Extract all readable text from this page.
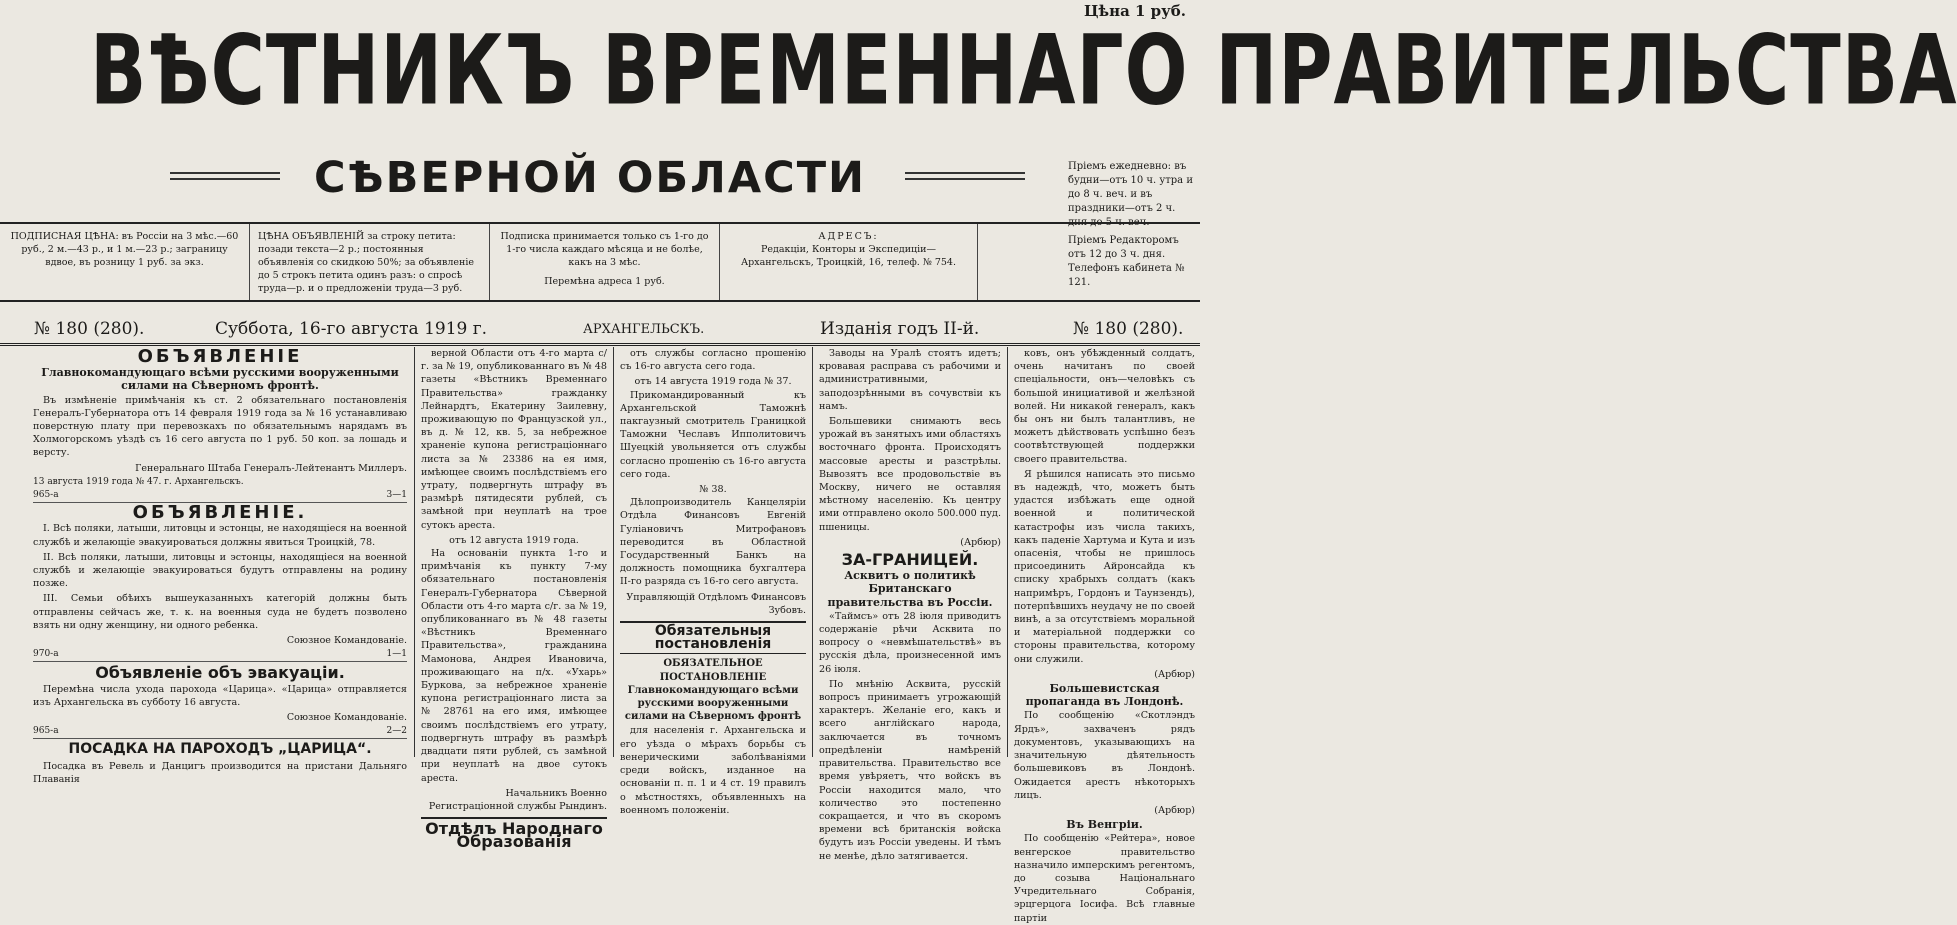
Цѣна 1 руб.
ВѢСТНИКЪ ВРЕМЕННАГО ПРАВИТЕЛЬСТВА
СѢВЕРНОЙ ОБЛАСТИ	Пріемъ ежедневно: въ будни—отъ 10 ч. утра и до 8 ч. веч. и въ праздники—отъ 2 ч. дня до 5 ч. веч.
Пріемъ Редакторомъ отъ 12 до 3 ч. дня. Телефонъ кабинета № 121.
ПОДПИСНАЯ ЦѢНА: въ Россіи на 3 мѣс.—60 руб., 2 м.—43 р., и 1 м.—23 р.; заграницу вдвое, въ розницу 1 руб. за экз.
ЦѢНА ОБЪЯВЛЕНІЙ за строку петита: позади текста—2 р.; постоянныя объявленія со скидкою 50%; за объявленіе до 5 строкъ петита одинъ разъ: о спросѣ труда—р. и о предложеніи труда—3 руб.
Подписка принимается только съ 1-го до 1-го числа каждаго мѣсяца и не болѣе, какъ на 3 мѣс.
Перемѣна адреса 1 руб.
АДРЕСЪ:
Редакціи, Конторы и Экспедиціи—Архангельскъ, Троицкій, 16, телеф. № 754.
№ 180 (280).	Суббота, 16-го августа 1919 г.	АРХАНГЕЛЬСКЪ.	Изданія годъ II-й.	№ 180 (280).
ОБЪЯВЛЕНІЕ
Главнокомандующаго всѣми русскими вооруженными силами на Сѣверномъ фронтѣ.

Въ измѣненіе примѣчанія къ ст. 2 обязательнаго постановленія Генералъ-Губернатора отъ 14 февраля 1919 года за № 16 устанавливаю поверстную плату при перевозкахъ по обязательнымъ нарядамъ въ Холмогорскомъ уѣздѣ съ 16 сего августа по 1 руб. 50 коп. за лошадь и версту.

Генеральнаго Штаба Генералъ-Лейтенантъ Миллеръ.
13 августа 1919 года № 47. г. Архангельскъ.
965-а	3—1
ОБЪЯВЛЕНІЕ.

I. Всѣ поляки, латыши, литовцы и эстонцы, не находящіеся на военной службѣ и желающіе эвакуироваться должны явиться Троицкій, 78.

II. Всѣ поляки, латыши, литовцы и эстонцы, находящіеся на военной службѣ и желающіе эвакуироваться будутъ отправлены на родину позже.

III. Семьи обѣихъ вышеуказанныхъ категорій должны быть отправлены сейчасъ же, т. к. на военныя суда не будетъ позволено взять ни одну женщину, ни одного ребенка.

Союзное Командованіе.
970-а	1—1
Объявленіе объ эвакуаціи.

Перемѣна числа ухода парохода «Царица». «Царица» отправляется изъ Архангельска въ субботу 16 августа.

Союзное Командованіе.
965-а	2—2
ПОСАДКА НА ПАРОХОДЪ „ЦАРИЦА“.

Посадка въ Ревель и Данцигъ производится на пристани Дальняго Плаванія

верной Области отъ 4-го марта с/г. за № 19, опубликованнаго въ № 48 газеты «Вѣстникъ Временнаго Правительства» гражданку Лейнардтъ, Екатерину Заилевну, проживающую по Французской ул., въ д. № 12, кв. 5, за небрежное храненіе купона регистраціоннаго листа за № 23386 на ея имя, имѣющее своимъ послѣдствіемъ его утрату, подвергнуть штрафу въ размѣрѣ пятидесяти рублей, съ замѣной при неуплатѣ на трое сутокъ ареста.

отъ 12 августа 1919 года.

На основаніи пункта 1-го и примѣчанія къ пункту 7-му обязательнаго постановленія Генералъ-Губернатора Сѣверной Области отъ 4-го марта с/г. за № 19, опубликованнаго въ № 48 газеты «Вѣстникъ Временнаго Правительства», гражданина Мамонова, Андрея Ивановича, проживающаго на п/х. «Ухарь» Буркова, за небрежное храненіе купона регистраціоннаго листа за № 28761 на его имя, имѣющее своимъ послѣдствіемъ его утрату, подвергнуть штрафу въ размѣрѣ двадцати пяти рублей, съ замѣной при неуплатѣ на двое сутокъ ареста.

Начальникъ Военно Регистраціонной службы Рындинъ.
Отдѣлъ Народнаго Образованія

отъ службы согласно прошенію съ 16-го августа сего года.

отъ 14 августа 1919 года № 37.

Прикомандированный къ Архангельской Таможнѣ пакгаузный смотритель Границкой Таможни Чеславъ Ипполитовичъ Шуецкій увольняется отъ службы согласно прошенію съ 16-го августа сего года.

№ 38.

Дѣлопроизводитель Канцеляріи Отдѣла Финансовъ Евгеній Гуліановичъ Митрофановъ переводится въ Областной Государственный Банкъ на должность помощника бухгалтера II-го разряда съ 16-го сего августа.

Управляющій Отдѣломъ Финансовъ Зубовъ.
Обязательныя постановленія
ОБЯЗАТЕЛЬНОЕ ПОСТАНОВЛЕНІЕ Главнокомандующаго всѣми русскими вооруженными силами на Сѣверномъ фронтѣ

для населенія г. Архангельска и его уѣзда о мѣрахъ борьбы съ венерическими заболѣваніями среди войскъ, изданное на основаніи п. п. 1 и 4 ст. 19 правилъ о мѣстностяхъ, объявленныхъ на военномъ положеніи.

Заводы на Уралѣ стоятъ идетъ; кровавая расправа съ рабочими и административными, заподозрѣнными въ сочувствіи къ намъ.

Большевики снимаютъ весь урожай въ занятыхъ ими областяхъ восточнаго фронта. Происходятъ массовые аресты и разстрѣлы. Вывозятъ все продовольствіе въ Москву, ничего не оставляя мѣстному населенію. Къ центру ими отправлено около 500.000 пуд. пшеницы.

(Арбюр)
ЗА-ГРАНИЦЕЙ.
Асквитъ о политикѣ Британскаго правительства въ Россіи.

«Таймсъ» отъ 28 іюля приводитъ содержаніе рѣчи Асквита по вопросу о «невмѣшательствѣ» въ русскія дѣла, произнесенной имъ 26 іюля.

По мнѣнію Асквита, русскій вопросъ принимаетъ угрожающій характеръ. Желаніе его, какъ и всего англійскаго народа, заключается въ точномъ опредѣленіи намѣреній правительства. Правительство все время увѣряетъ, что войскъ въ Россіи находится мало, что количество это постепенно сокращается, и что въ скоромъ времени всѣ британскія войска будутъ изъ Россіи уведены. И тѣмъ не менѣе, дѣло затягивается.

ковъ, онъ убѣжденный солдатъ, очень начитанъ по своей спеціальности, онъ—человѣкъ съ большой инициативой и желѣзной волей. Ни никакой генералъ, какъ бы онъ ни былъ талантливъ, не можетъ дѣйствовать успѣшно безъ соотвѣтствующей поддержки своего правительства.

Я рѣшился написать это письмо въ надеждѣ, что, можетъ быть удастся избѣжать еще одной военной и политической катастрофы изъ числа такихъ, какъ паденіе Хартума и Кута и изъ опасенія, чтобы не пришлось присоединить Айронсайда къ списку храбрыхъ солдатъ (какъ напримѣръ, Гордонъ и Таунзендъ), потерпѣвшихъ неудачу не по своей винѣ, а за отсутствіемъ моральной и матеріальной поддержки со стороны правительства, которому они служили.

(Арбюр)
Большевистская пропаганда въ Лондонѣ.

По сообщенію «Скотлэндъ Ярдъ», захваченъ рядъ документовъ, указывающихъ на значительную дѣятельность большевиковъ въ Лондонѣ. Ожидается арестъ нѣкоторыхъ лицъ.

(Арбюр)
Въ Венгріи.

По сообщенію «Рейтера», новое венгерское правительство назначило имперскимъ регентомъ, до созыва Національнаго Учредительнаго Собранія, эрцгерцога Іосифа. Всѣ главные партіи
